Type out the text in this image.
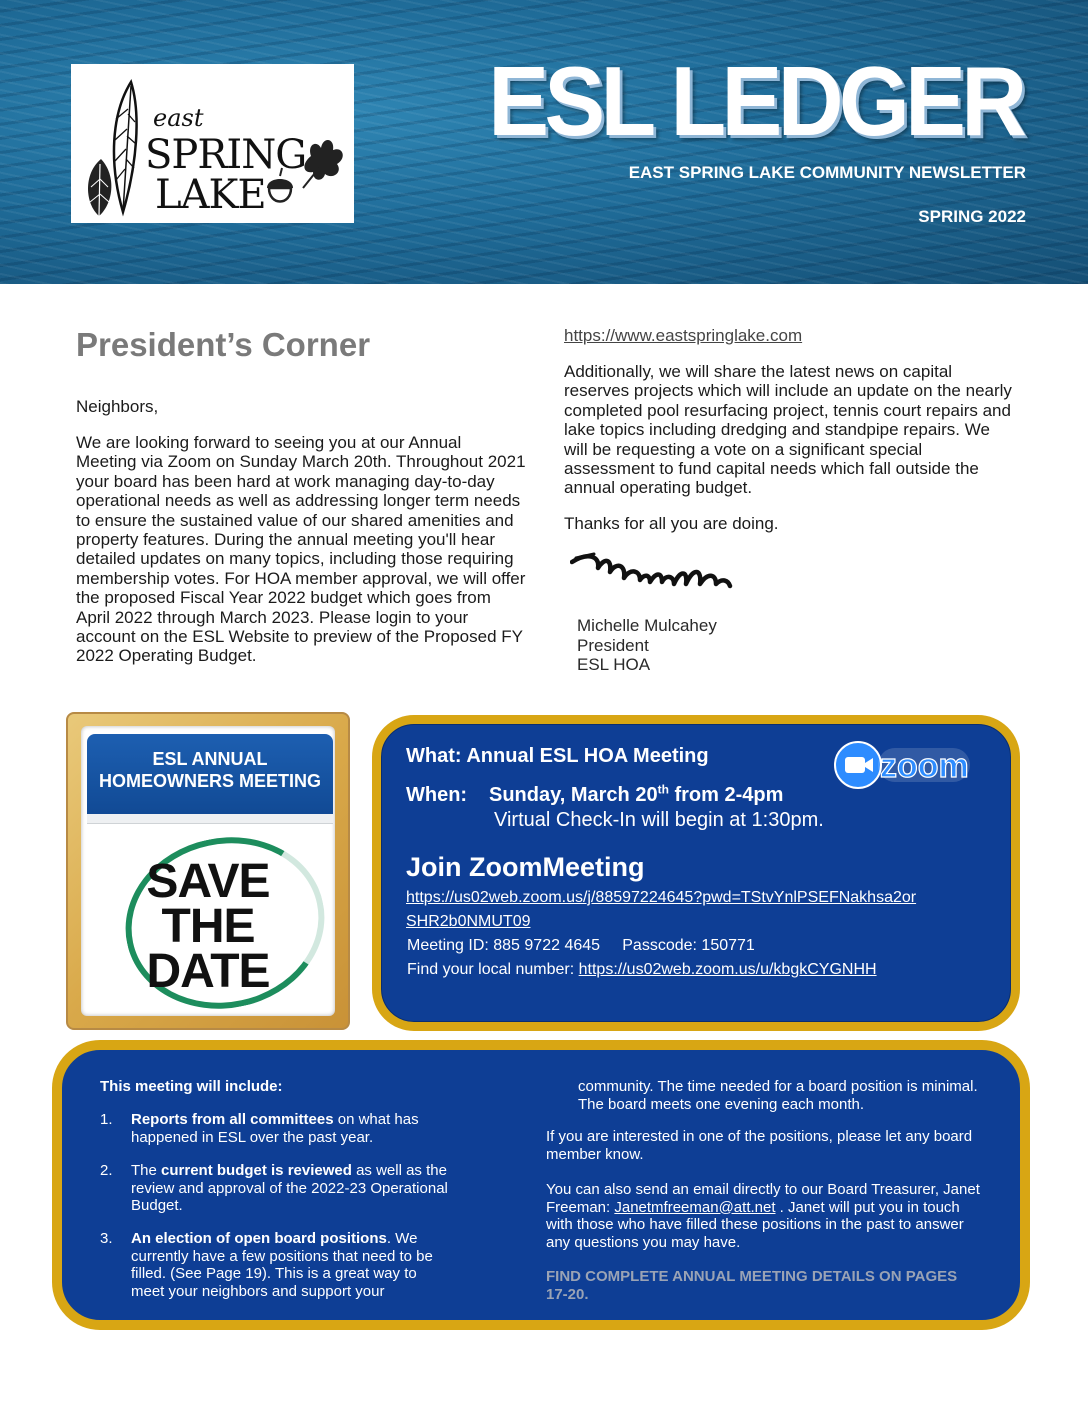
east
SPRING
LAKE
ESL LEDGER
EAST SPRING LAKE COMMUNITY NEWSLETTER
SPRING 2022
President’s Corner

Neighbors,

We are looking forward to seeing you at our Annual Meeting via Zoom on Sunday March 20th. Throughout 2021 your board has been hard at work managing day-to-day operational needs as well as addressing longer term needs to ensure the sustained value of our shared amenities and property features. During the annual meeting you'll hear detailed updates on many topics, including those requiring membership votes. For HOA member approval, we will offer the proposed Fiscal Year 2022 budget which goes from April 2022 through March 2023. Please login to your account on the ESL Website to preview of the Proposed FY 2022 Operating Budget.

https://www.eastspringlake.com

Additionally, we will share the latest news on capital reserves projects which will include an update on the nearly completed pool resurfacing project, tennis court repairs and lake topics including dredging and standpipe repairs. We will be requesting a vote on a significant special assessment to fund capital needs which fall outside the annual operating budget.

Thanks for all you are doing.

Michelle Mulcahey
President
ESL HOA
ESL ANNUAL
HOMEOWNERS MEETING
SAVE
THE
DATE
What: Annual ESL HOA Meeting
When: Sunday, March 20th from 2-4pm
Virtual Check-In will begin at 1:30pm.
zoom
Join ZoomMeeting
https://us02web.zoom.us/j/88597224645?pwd=TStvYnlPSEFNakhsa2or
SHR2b0NMUT09
Meeting ID: 885 9722 4645     Passcode: 150771
Find your local number: https://us02web.zoom.us/u/kbgkCYGNHH
This meeting will include:
1. Reports from all committees on what has happened in ESL over the past year.
2. The current budget is reviewed as well as the review and approval of the 2022-23 Operational Budget.
3. An election of open board positions. We currently have a few positions that need to be filled. (See Page 19). This is a great way to meet your neighbors and support your
community. The time needed for a board position is minimal. The board meets one evening each month.
If you are interested in one of the positions, please let any board member know.
You can also send an email directly to our Board Treasurer, Janet Freeman: Janetmfreeman@att.net . Janet will put you in touch with those who have filled these positions in the past to answer any questions you may have.
FIND COMPLETE ANNUAL MEETING DETAILS ON PAGES 17-20.
